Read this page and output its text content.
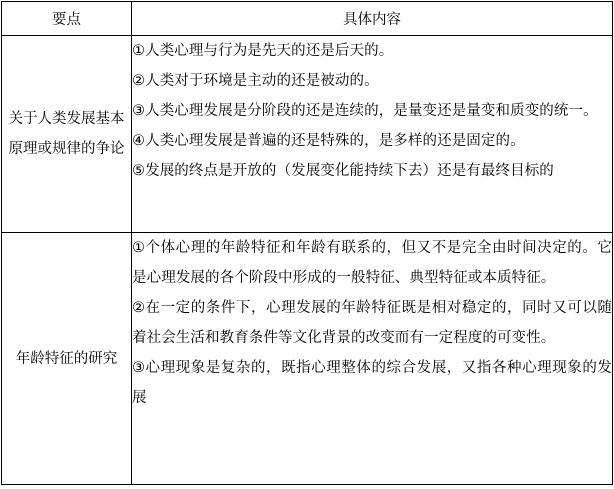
要点	具体内容
关于人类发展基本原理或规律的争论	①人类心理与行为是先天的还是后天的。

②人类对于环境是主动的还是被动的。

③人类心理发展是分阶段的还是连续的，是量变还是量变和质变的统一。

④人类心理发展是普遍的还是特殊的，是多样的还是固定的。

⑤发展的终点是开放的（发展变化能持续下去）还是有最终目标的

年龄特征的研究	①个体心理的年龄特征和年龄有联系的，但又不是完全由时间决定的。它是心理发展的各个阶段中形成的一般特征、典型特征或本质特征。

②在一定的条件下，心理发展的年龄特征既是相对稳定的，同时又可以随着社会生活和教育条件等文化背景的改变而有一定程度的可变性。

③心理现象是复杂的，既指心理整体的综合发展，又指各种心理现象的发展
